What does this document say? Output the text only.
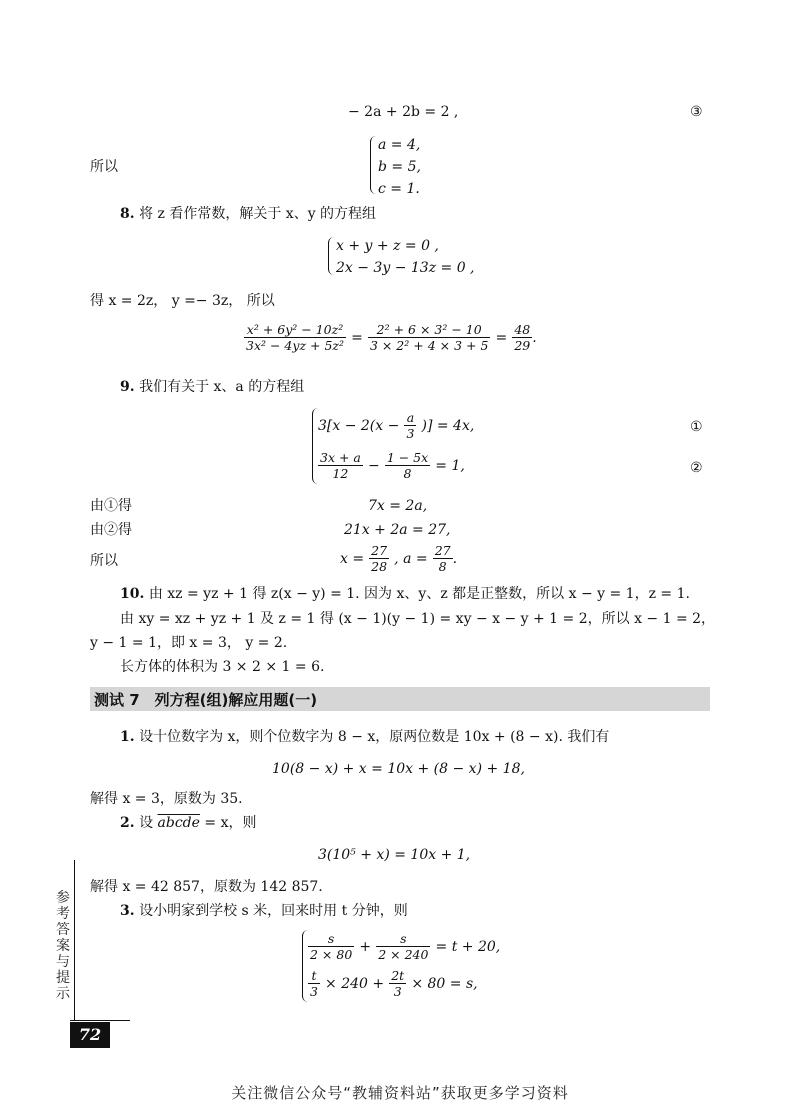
− 2a + 2b = 2 ,	③
所以
a = 4,
b = 5,
c = 1.
8. 将 z 看作常数，解关于 x、y 的方程组
x + y + z = 0 ,
2x − 3y − 13z = 0 ,
得 x = 2z， y =− 3z， 所以
$\frac{\text{x² + 6y² − 10z²}}{\text{3x² − 4yz + 5z²}} = \frac{\text{2² + 6 × 3² − 10}}{\text{3 × 2² + 4 × 3 + 5}} = \frac{48}{29}$ .
9. 我们有关于 x、a 的方程组
$3[x - 2(x - \frac{a}{3}$ )] = 4x,	①
$\frac{3x + a}{12} - \frac{1 - 5x}{8} = 1$,	②
由①得	7x = 2a,
由②得	21x + 2a = 27,
所以	$x = \frac{27}{28}$ , $a = \frac{27}{8}$ .
10. 由 xz = yz + 1 得 z(x − y) = 1. 因为 x、y、z 都是正整数，所以 x − y = 1，z = 1.
由 xy = xz + yz + 1 及 z = 1 得 (x − 1)(y − 1) = xy − x − y + 1 = 2，所以 x − 1 = 2，
y − 1 = 1，即 x = 3， y = 2.
长方体的体积为 3 × 2 × 1 = 6.
测试 7　列方程(组)解应用题(一)
1. 设十位数字为 x，则个位数字为 8 − x，原两位数是 10x + (8 − x). 我们有
10(8 − x) + x = 10x + (8 − x) + 18,
解得 x = 3，原数为 35.
2. 设 abcde = x，则
3(10⁵ + x) = 10x + 1,
解得 x = 42 857，原数为 142 857.
3. 设小明家到学校 s 米，回来时用 t 分钟，则
$\frac{s}{2 \times 80} + \frac{s}{2 \times 240} = t + 20$,
$\frac{t}{3} \times 240 + \frac{2t}{3} \times 80 = s$,
参考答案与提示
72
关注微信公众号“教辅资料站”获取更多学习资料
